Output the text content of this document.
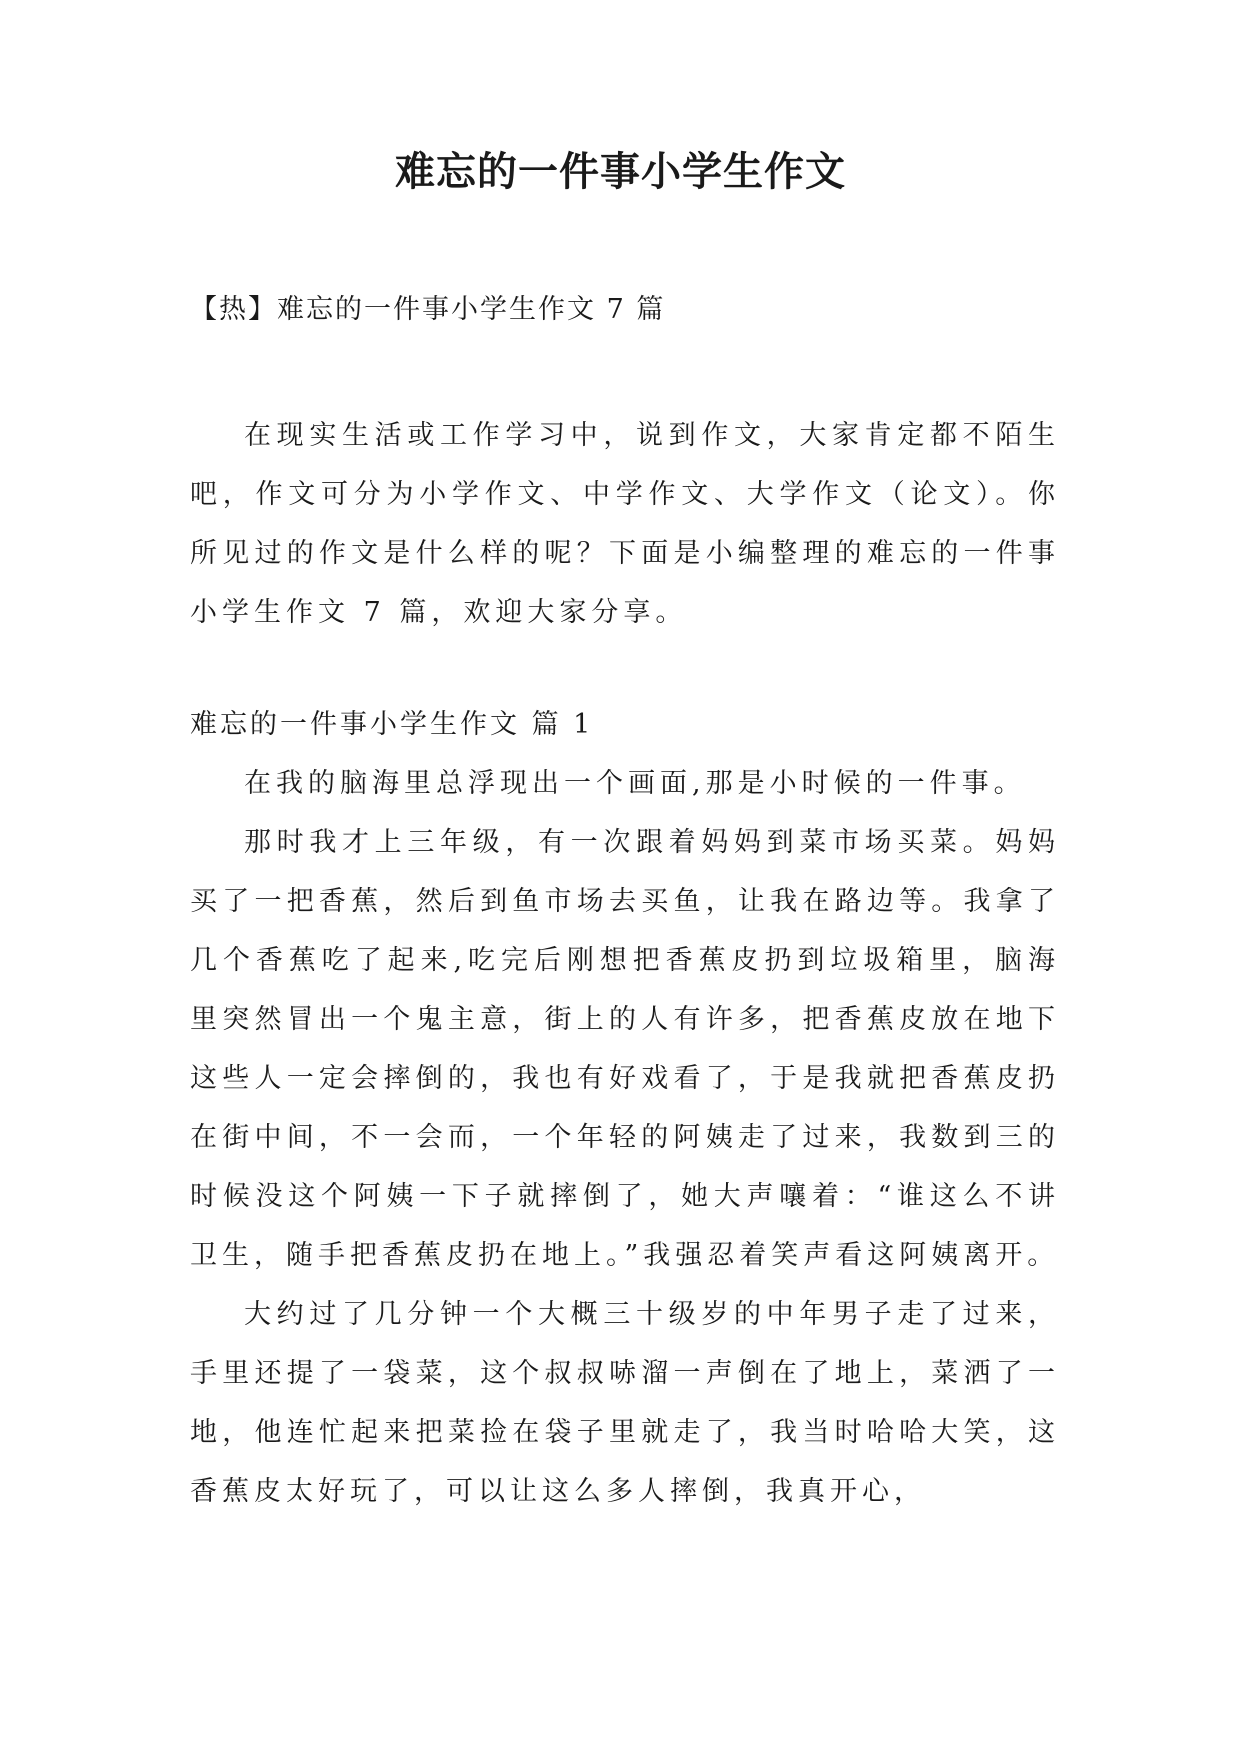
难忘的一件事小学生作文

【热】难忘的一件事小学生作文 7 篇

在现实生活或工作学习中，说到作文，大家肯定都不陌生吧，作文可分为小学作文、中学作文、大学作文（论文）。你所见过的作文是什么样的呢？下面是小编整理的难忘的一件事小学生作文 7 篇，欢迎大家分享。

难忘的一件事小学生作文 篇 1

在我的脑海里总浮现出一个画面,那是小时候的一件事。

那时我才上三年级，有一次跟着妈妈到菜市场买菜。妈妈买了一把香蕉，然后到鱼市场去买鱼，让我在路边等。我拿了几个香蕉吃了起来,吃完后刚想把香蕉皮扔到垃圾箱里，脑海里突然冒出一个鬼主意，街上的人有许多，把香蕉皮放在地下这些人一定会摔倒的，我也有好戏看了，于是我就把香蕉皮扔在街中间，不一会而，一个年轻的阿姨走了过来，我数到三的时候没这个阿姨一下子就摔倒了，她大声嚷着：“谁这么不讲卫生，随手把香蕉皮扔在地上。”我强忍着笑声看这阿姨离开。

大约过了几分钟一个大概三十级岁的中年男子走了过来，手里还提了一袋菜，这个叔叔哧溜一声倒在了地上，菜洒了一地，他连忙起来把菜捡在袋子里就走了，我当时哈哈大笑，这香蕉皮太好玩了，可以让这么多人摔倒，我真开心，
